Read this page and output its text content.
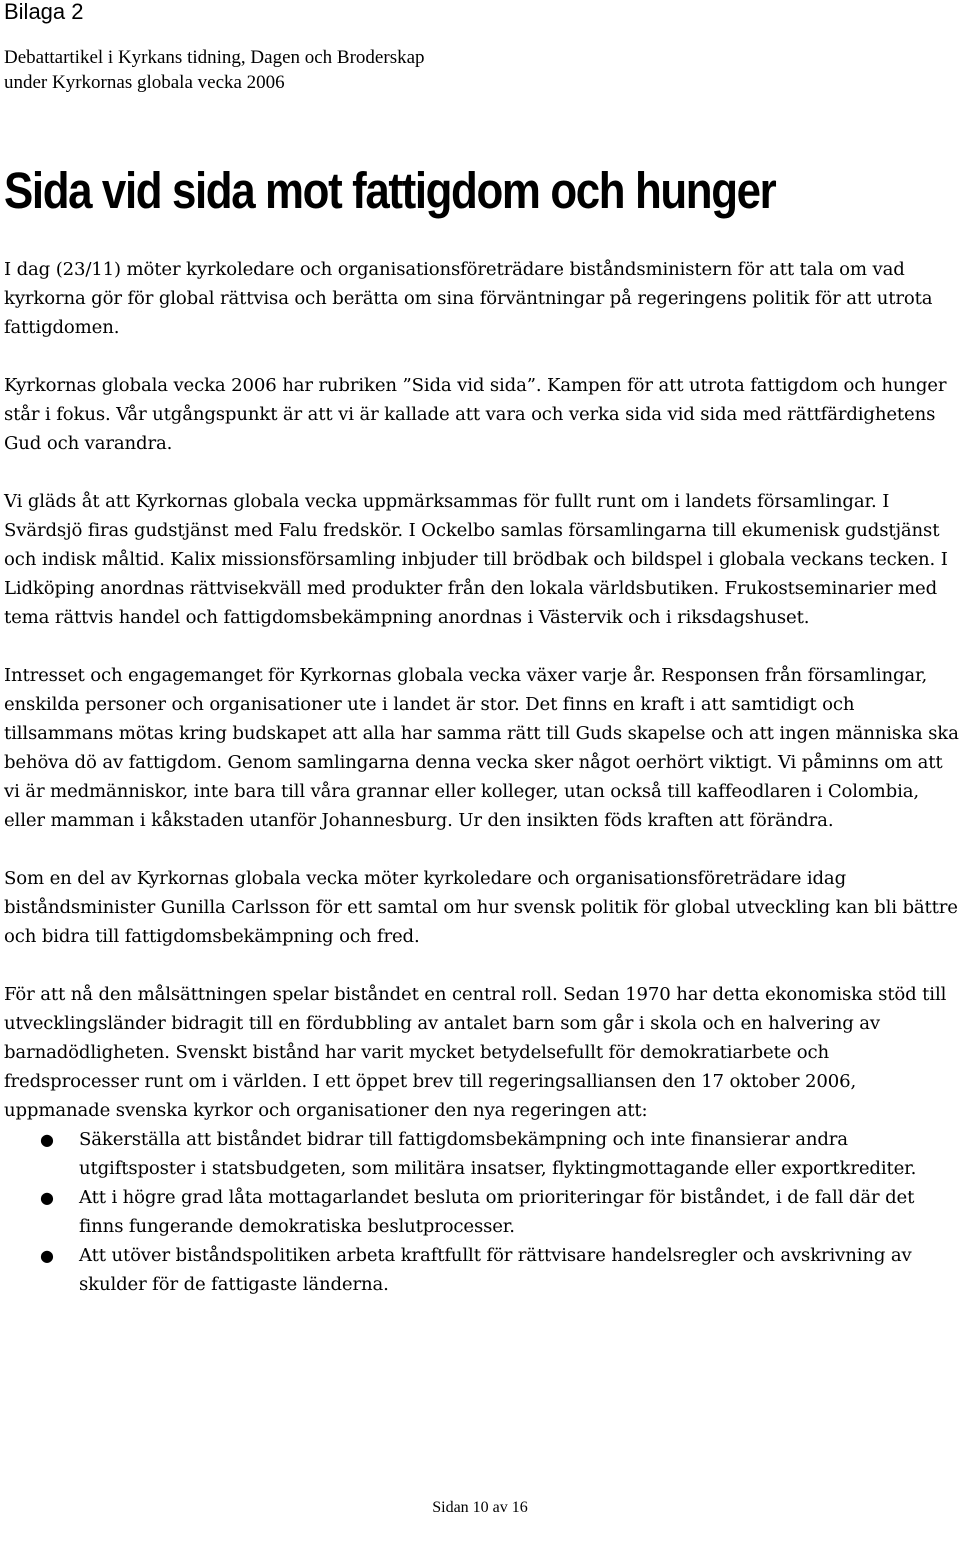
Bilaga 2
Debattartikel i Kyrkans tidning, Dagen och Broderskap
under Kyrkornas globala vecka 2006
Sida vid sida mot fattigdom och hunger

I dag (23/11) möter kyrkoledare och organisationsföreträdare biståndsministern för att tala om vad kyrkorna gör för global rättvisa och berätta om sina förväntningar på regeringens politik för att utrota fattigdomen.

Kyrkornas globala vecka 2006 har rubriken ”Sida vid sida”. Kampen för att utrota fattigdom och hunger står i fokus. Vår utgångspunkt är att vi är kallade att vara och verka sida vid sida med rättfärdighetens Gud och varandra.

Vi gläds åt att Kyrkornas globala vecka uppmärksammas för fullt runt om i landets församlingar. I Svärdsjö firas gudstjänst med Falu fredskör. I Ockelbo samlas församlingarna till ekumenisk gudstjänst och indisk måltid. Kalix missionsförsamling inbjuder till brödbak och bildspel i globala veckans tecken. I Lidköping anordnas rättvisekväll med produkter från den lokala världsbutiken. Frukostseminarier med tema rättvis handel och fattigdomsbekämpning anordnas i Västervik och i riksdagshuset.

Intresset och engagemanget för Kyrkornas globala vecka växer varje år. Responsen från församlingar, enskilda personer och organisationer ute i landet är stor. Det finns en kraft i att samtidigt och tillsammans mötas kring budskapet att alla har samma rätt till Guds skapelse och att ingen människa ska behöva dö av fattigdom. Genom samlingarna denna vecka sker något oerhört viktigt. Vi påminns om att vi är medmänniskor, inte bara till våra grannar eller kolleger, utan också till kaffeodlaren i Colombia, eller mamman i kåkstaden utanför Johannesburg. Ur den insikten föds kraften att förändra.

Som en del av Kyrkornas globala vecka möter kyrkoledare och organisationsföreträdare idag biståndsminister Gunilla Carlsson för ett samtal om hur svensk politik för global utveckling kan bli bättre och bidra till fattigdomsbekämpning och fred.

För att nå den målsättningen spelar biståndet en central roll. Sedan 1970 har detta ekonomiska stöd till utvecklingsländer bidragit till en fördubbling av antalet barn som går i skola och en halvering av barnadödligheten. Svenskt bistånd har varit mycket betydelsefullt för demokratiarbete och fredsprocesser runt om i världen. I ett öppet brev till regeringsalliansen den 17 oktober 2006, uppmanade svenska kyrkor och organisationer den nya regeringen att:

● Säkerställa att biståndet bidrar till fattigdomsbekämpning och inte finansierar andra utgiftsposter i statsbudgeten, som militära insatser, flyktingmottagande eller exportkrediter.
● Att i högre grad låta mottagarlandet besluta om prioriteringar för biståndet, i de fall där det finns fungerande demokratiska beslutprocesser.
● Att utöver biståndspolitiken arbeta kraftfullt för rättvisare handelsregler och avskrivning av skulder för de fattigaste länderna.
Sidan 10 av 16
